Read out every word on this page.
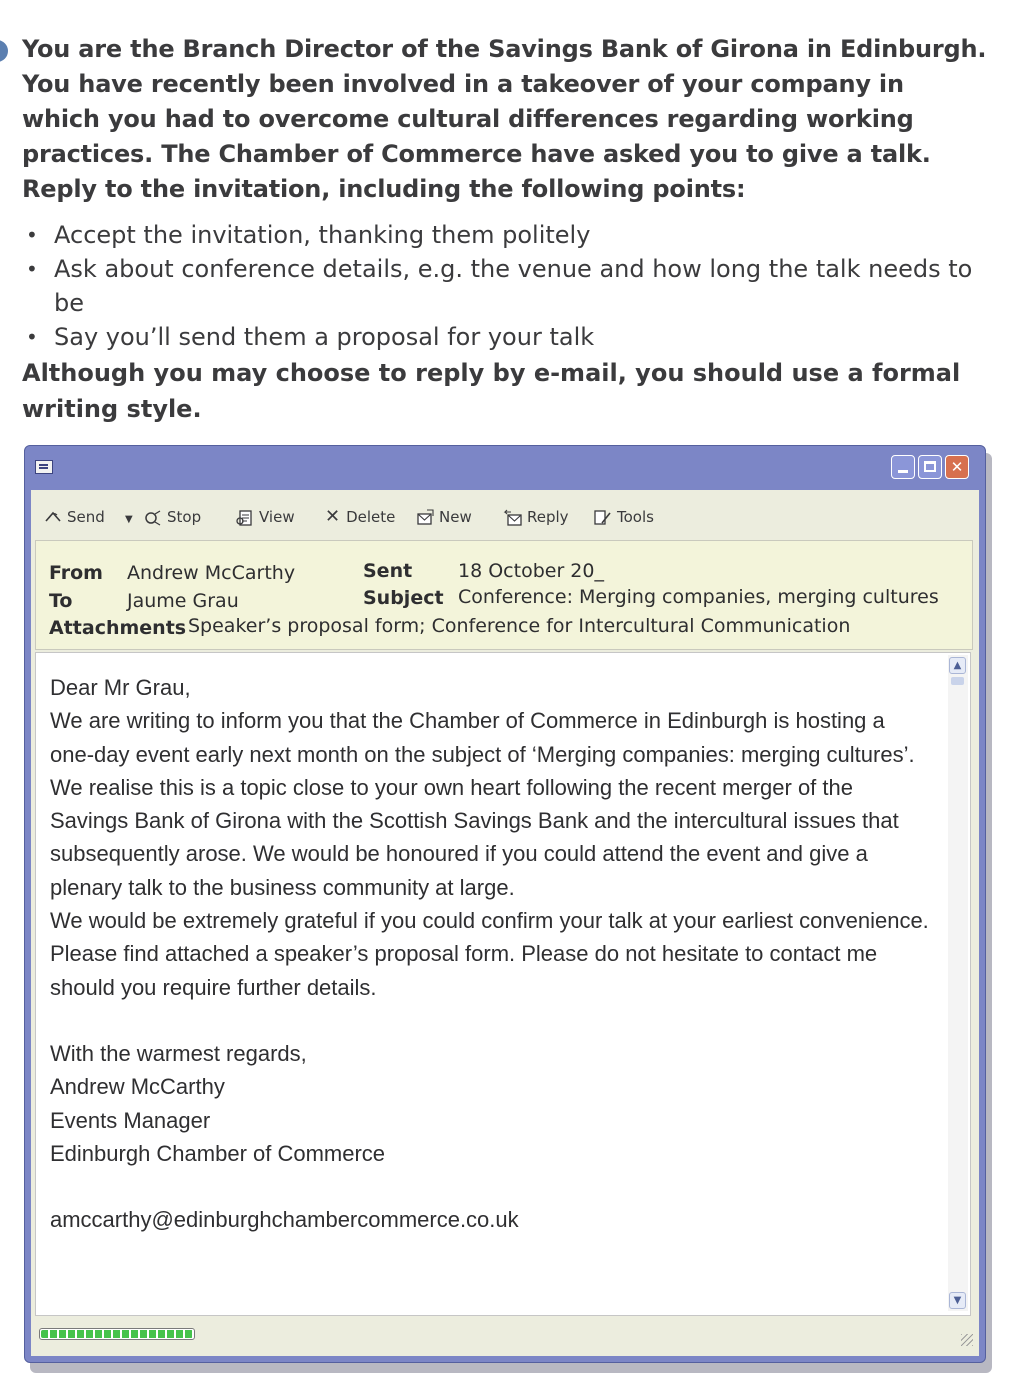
You are the Branch Director of the Savings Bank of Girona in Edinburgh. You have recently been involved in a takeover of your company in which you had to overcome cultural differences regarding working practices. The Chamber of Commerce have asked you to give a talk. Reply to the invitation, including the following points:
• Accept the invitation, thanking them politely
• Ask about conference details, e.g. the venue and how long the talk needs to be
• Say you’ll send them a proposal for your talk
Although you may choose to reply by e-mail, you should use a formal writing style.
✕
Send ▼	Stop	View ✕ Delete	New	Reply	Tools
From Andrew McCarthy	Sent 18 October 20_
To	Jaume Grau	Subject Conference: Merging companies, merging cultures
Attachments Speaker’s proposal form; Conference for Intercultural Communication

Dear Mr Grau,

We are writing to inform you that the Chamber of Commerce in Edinburgh is hosting a one-day event early next month on the subject of ‘Merging companies: merging cultures’.

We realise this is a topic close to your own heart following the recent merger of the Savings Bank of Girona with the Scottish Savings Bank and the intercultural issues that subsequently arose. We would be honoured if you could attend the event and give a plenary talk to the business community at large.

We would be extremely grateful if you could confirm your talk at your earliest convenience. Please find attached a speaker’s proposal form. Please do not hesitate to contact me should you require further details.

With the warmest regards,

Andrew McCarthy

Events Manager

Edinburgh Chamber of Commerce

amccarthy@edinburghchambercommerce.co.uk

▲
▼
